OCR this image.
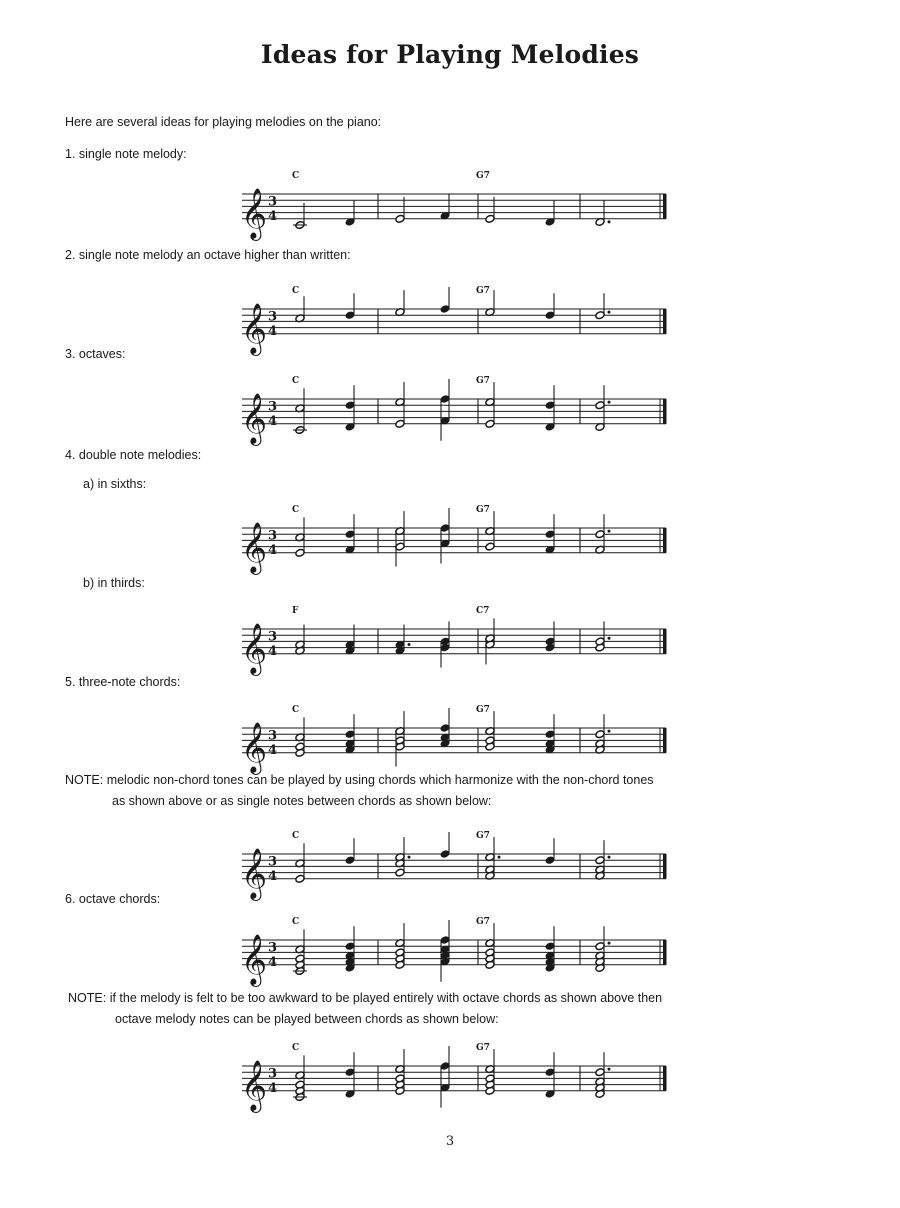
Ideas for Playing Melodies
Here are several ideas for playing melodies on the piano:
1. single note melody:
2. single note melody an octave higher than written:
3. octaves:
4. double note melodies:
a) in sixths:
b) in thirds:
5. three-note chords:
6. octave chords:
NOTE: melodic non-chord tones can be played by using chords which harmonize with the non-chord tones
as shown above or as single notes between chords as shown below:
NOTE: if the melody is felt to be too awkward to be played entirely with octave chords as shown above then
octave melody notes can be played between chords as shown below:
𝄞 3
4
C	G7
𝄞 3
4
C	G7
𝄞 3
4
C	G7
𝄞 3
4
C	G7
𝄞 3
4
F	C7
𝄞 3
4
C	G7
𝄞 3
4
C	G7
𝄞 3
4
C	G7
𝄞 3
4
C	G7
3
